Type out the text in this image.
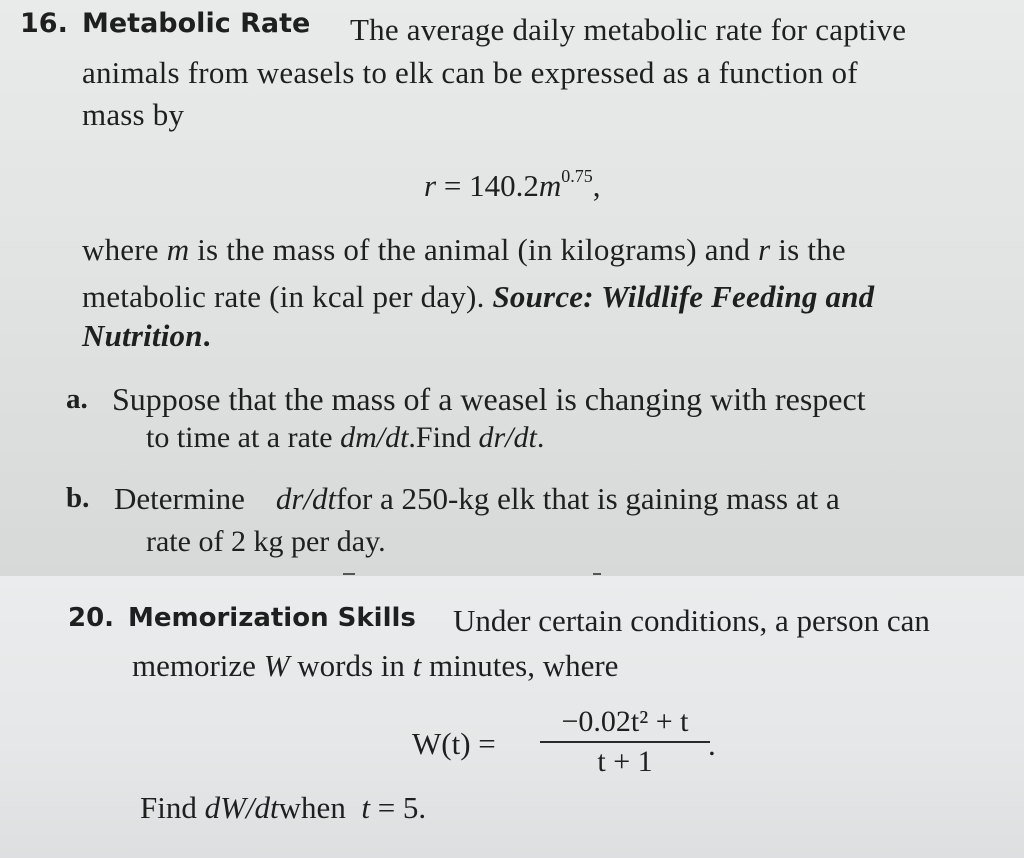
16. Metabolic Rate The average daily metabolic rate for captive
animals from weasels to elk can be expressed as a function of
mass by
$r = 140.2m^{0.75}$,
where m is the mass of the animal (in kilograms) and r is the
metabolic rate (in kcal per day). Source: Wildlife Feeding and
Nutrition.
a. Suppose that the mass of a weasel is changing with respect
to time at a rate dm/dt.Find dr/dt.
b. Determine    dr/dtfor a 250-kg elk that is gaining mass at a
rate of 2 kg per day.
20. Memorization Skills Under certain conditions, a person can
memorize W words in t minutes, where
W(t) =
−0.02t² + t
t + 1	.
Find dW/dtwhen  t = 5.
